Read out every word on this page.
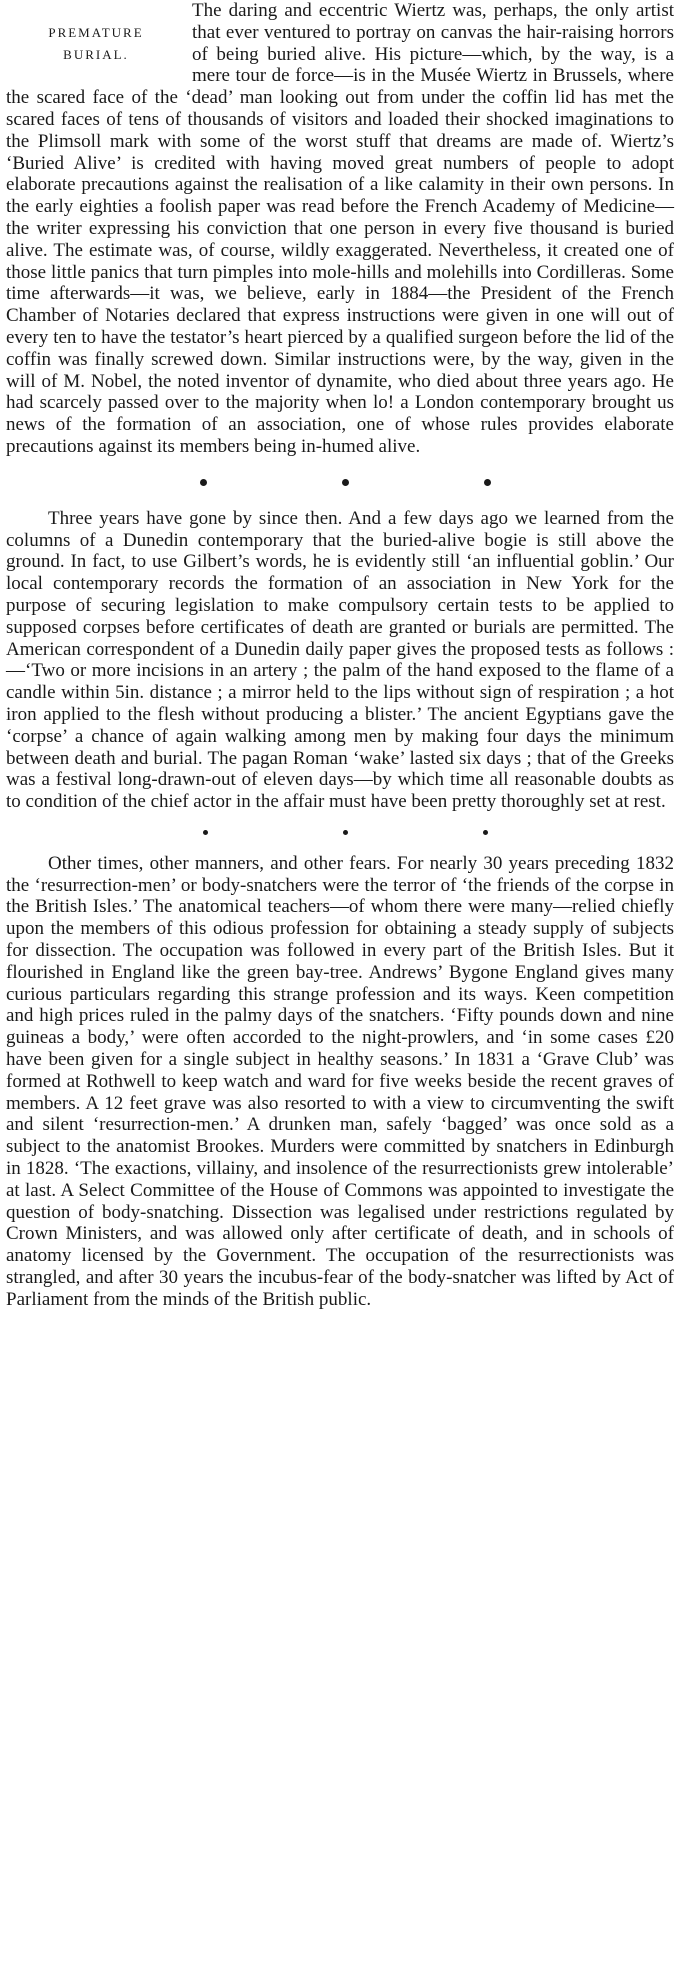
PREMATURE
BURIAL.

The daring and eccentric Wiertz was, perhaps, the only artist that ever ventured to portray on canvas the hair-raising horrors of being buried alive. His picture—which, by the way, is a mere tour de force—is in the Musée Wiertz in Brussels, where the scared face of the ‘dead’ man looking out from under the coffin lid has met the scared faces of tens of thousands of visitors and loaded their shocked imaginations to the Plimsoll mark with some of the worst stuff that dreams are made of. Wiertz’s ‘Buried Alive’ is credited with having moved great numbers of people to adopt elaborate precautions against the realisation of a like calamity in their own persons. In the early eighties a foolish paper was read before the French Academy of Medicine—the writer expressing his conviction that one person in every five thousand is buried alive. The estimate was, of course, wildly exaggerated. Nevertheless, it created one of those little panics that turn pimples into mole-hills and molehills into Cordilleras. Some time afterwards—it was, we believe, early in 1884—the President of the French Chamber of Notaries declared that express instructions were given in one will out of every ten to have the testator’s heart pierced by a qualified surgeon before the lid of the coffin was finally screwed down. Similar instructions were, by the way, given in the will of M. Nobel, the noted inventor of dynamite, who died about three years ago. He had scarcely passed over to the majority when lo! a London contemporary brought us news of the formation of an association, one of whose rules provides elaborate precautions against its members being in-humed alive.

Three years have gone by since then. And a few days ago we learned from the columns of a Dunedin contemporary that the buried-alive bogie is still above the ground. In fact, to use Gilbert’s words, he is evidently still ‘an influential goblin.’ Our local contemporary records the formation of an association in New York for the purpose of securing legislation to make compulsory certain tests to be applied to supposed corpses before certificates of death are granted or burials are permitted. The American correspondent of a Dunedin daily paper gives the proposed tests as follows :—‘Two or more incisions in an artery ; the palm of the hand exposed to the flame of a candle within 5in. distance ; a mirror held to the lips without sign of respiration ; a hot iron applied to the flesh without producing a blister.’ The ancient Egyptians gave the ‘corpse’ a chance of again walking among men by making four days the minimum between death and burial. The pagan Roman ‘wake’ lasted six days ; that of the Greeks was a festival long-drawn-out of eleven days—by which time all reasonable doubts as to condition of the chief actor in the affair must have been pretty thoroughly set at rest.

Other times, other manners, and other fears. For nearly 30 years preceding 1832 the ‘resurrection-men’ or body-snatchers were the terror of ‘the friends of the corpse in the British Isles.’ The anatomical teachers—of whom there were many—relied chiefly upon the members of this odious profession for obtaining a steady supply of subjects for dissection. The occupation was followed in every part of the British Isles. But it flourished in England like the green bay-tree. Andrews’ Bygone England gives many curious particulars regarding this strange profession and its ways. Keen competition and high prices ruled in the palmy days of the snatchers. ‘Fifty pounds down and nine guineas a body,’ were often accorded to the night-prowlers, and ‘in some cases £20 have been given for a single subject in healthy seasons.’ In 1831 a ‘Grave Club’ was formed at Rothwell to keep watch and ward for five weeks beside the recent graves of members. A 12 feet grave was also resorted to with a view to circumventing the swift and silent ‘resurrection-men.’ A drunken man, safely ‘bagged’ was once sold as a subject to the anatomist Brookes. Murders were committed by snatchers in Edinburgh in 1828. ‘The exactions, villainy, and insolence of the resurrectionists grew intolerable’ at last. A Select Committee of the House of Commons was appointed to investigate the question of body-snatching. Dissection was legalised under restrictions regulated by Crown Ministers, and was allowed only after certificate of death, and in schools of anatomy licensed by the Government. The occupation of the resurrectionists was strangled, and after 30 years the incubus-fear of the body-snatcher was lifted by Act of Parliament from the minds of the British public.
